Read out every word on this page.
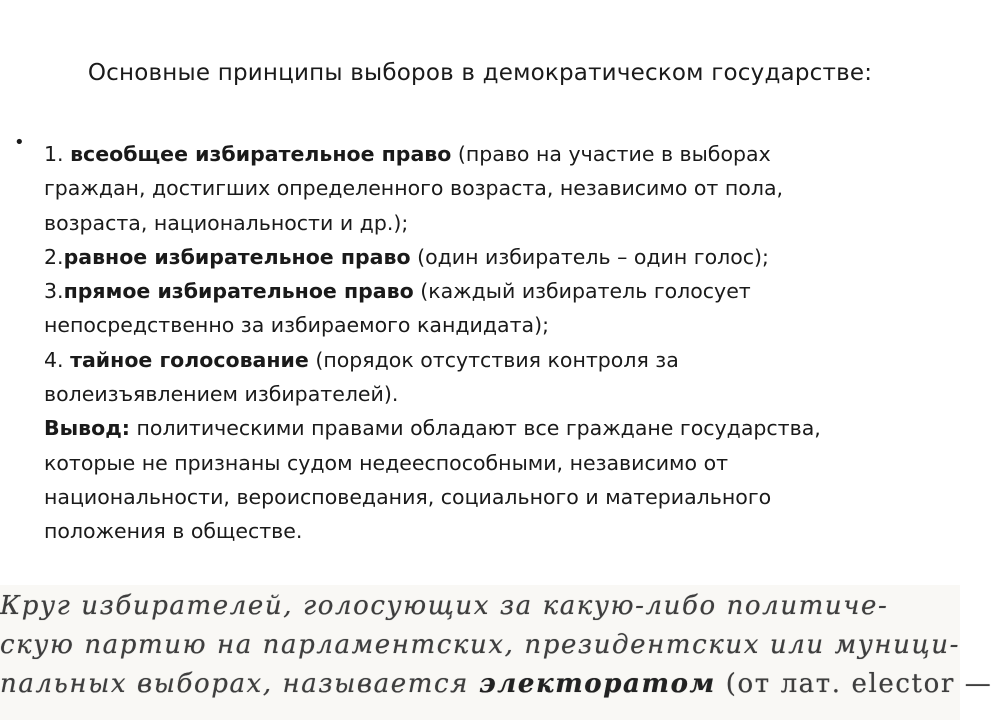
Основные принципы выборов в демократическом государстве:
• 1. всеобщее избирательное право (право на участие в выборах
граждан, достигших определенного возраста, независимо от пола,
возраста, национальности и др.);
2.равное избирательное право (один избиратель – один голос);
3.прямое избирательное право (каждый избиратель голосует
непосредственно за избираемого кандидата);
4. тайное голосование (порядок отсутствия контроля за
волеизъявлением избирателей).
Вывод: политическими правами обладают все граждане государства,
которые не признаны судом недееспособными, независимо от
национальности, вероисповедания, социального и материального
положения в обществе.
Круг избирателей, голосующих за какую-либо политиче-
скую партию на парламентских, президентских или муници-
пальных выборах, называется электоратом (от лат. elector —
